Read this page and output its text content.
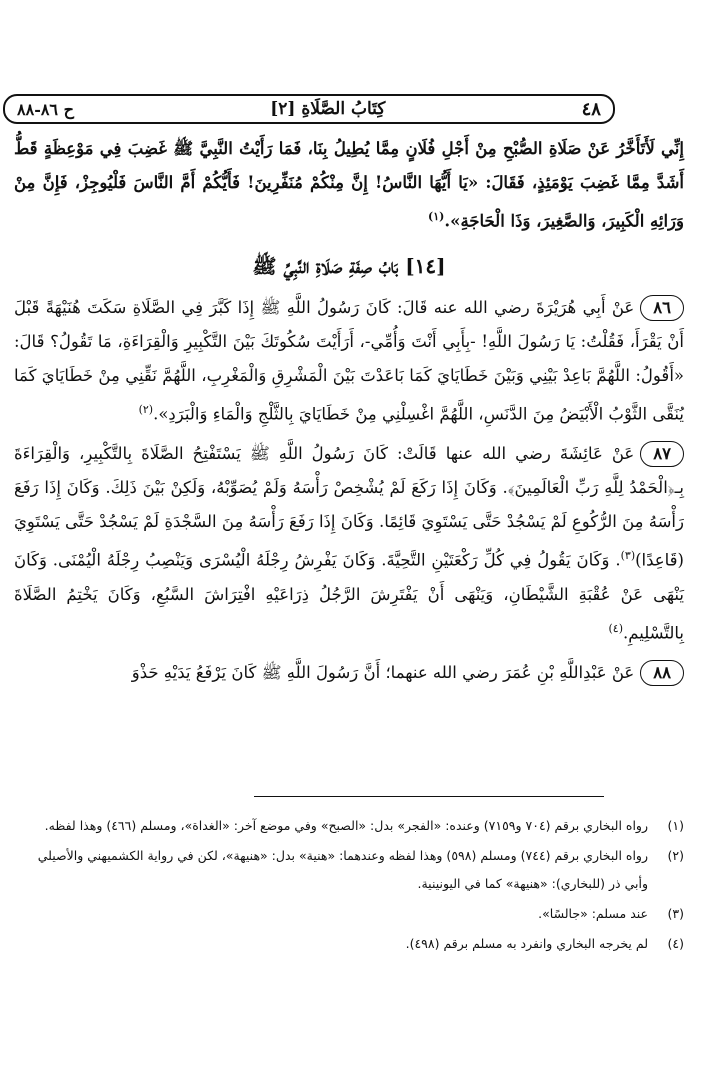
ح ٨٦-٨٨	[٢] كِتَابُ الصَّلَاةِ	٤٨

إِنِّي لَأَتَأَخَّرُ عَنْ صَلَاةِ الصُّبْحِ مِنْ أَجْلِ فُلَانٍ مِمَّا يُطِيلُ بِنَا، فَمَا رَأَيْتُ النَّبِيَّ ﷺ غَضِبَ فِي مَوْعِظَةٍ قَطُّ أَشَدَّ مِمَّا غَضِبَ يَوْمَئِذٍ، فَقَالَ: «يَا أَيُّهَا النَّاسُ! إِنَّ مِنْكُمْ مُنَفِّرِينَ! فَأَيُّكُمْ أَمَّ النَّاسَ فَلْيُوجِزْ، فَإِنَّ مِنْ وَرَائِهِ الْكَبِيرَ، وَالصَّغِيرَ، وَذَا الْحَاجَةِ».$^{(١)}$

[١٤] بَابُ صِفَةِ صَلَاةِ النَّبِيِّ ﷺ

٨٦عَنْ أَبِي هُرَيْرَةَ رضي الله عنه قَالَ: كَانَ رَسُولُ اللَّهِ ﷺ إِذَا كَبَّرَ فِي الصَّلَاةِ سَكَتَ هُنَيْهَةً قَبْلَ أَنْ يَقْرَأَ، فَقُلْتُ: يَا رَسُولَ اللَّهِ! -بِأَبِي أَنْتَ وَأُمِّي-، أَرَأَيْتَ سُكُوتَكَ بَيْنَ التَّكْبِيرِ وَالْقِرَاءَةِ، مَا تَقُولُ؟ قَالَ: «أَقُولُ: اللَّهُمَّ بَاعِدْ بَيْنِي وَبَيْنَ خَطَايَايَ كَمَا بَاعَدْتَ بَيْنَ الْمَشْرِقِ وَالْمَغْرِبِ، اللَّهُمَّ نَقِّنِي مِنْ خَطَايَايَ كَمَا يُنَقَّى الثَّوْبُ الْأَبْيَضُ مِنَ الدَّنَسِ، اللَّهُمَّ اغْسِلْنِي مِنْ خَطَايَايَ بِالثَّلْجِ وَالْمَاءِ وَالْبَرَدِ».$^{(٢)}$

٨٧عَنْ عَائِشَةَ رضي الله عنها قَالَتْ: كَانَ رَسُولُ اللَّهِ ﷺ يَسْتَفْتِحُ الصَّلَاةَ بِالتَّكْبِيرِ، وَالْقِرَاءَةَ بِـ﴿الْحَمْدُ لِلَّهِ رَبِّ الْعَالَمِينَ﴾. وَكَانَ إِذَا رَكَعَ لَمْ يُشْخِصْ رَأْسَهُ وَلَمْ يُصَوِّبْهُ، وَلَكِنْ بَيْنَ ذَلِكَ. وَكَانَ إِذَا رَفَعَ رَأْسَهُ مِنَ الرُّكُوعِ لَمْ يَسْجُدْ حَتَّى يَسْتَوِيَ قَائِمًا. وَكَانَ إِذَا رَفَعَ رَأْسَهُ مِنَ السَّجْدَةِ لَمْ يَسْجُدْ حَتَّى يَسْتَوِيَ (قَاعِدًا)$^{(٣)}$. وَكَانَ يَقُولُ فِي كُلِّ رَكْعَتَيْنِ التَّحِيَّةَ. وَكَانَ يَفْرِشُ رِجْلَهُ الْيُسْرَى وَيَنْصِبُ رِجْلَهُ الْيُمْنَى. وَكَانَ يَنْهَى عَنْ عُقْبَةِ الشَّيْطَانِ، وَيَنْهَى أَنْ يَفْتَرِشَ الرَّجُلُ ذِرَاعَيْهِ افْتِرَاشَ السَّبُعِ، وَكَانَ يَخْتِمُ الصَّلَاةَ بِالتَّسْلِيمِ.$^{(٤)}$

٨٨عَنْ عَبْدِاللَّهِ بْنِ عُمَرَ رضي الله عنهما؛ أَنَّ رَسُولَ اللَّهِ ﷺ كَانَ يَرْفَعُ يَدَيْهِ حَذْوَ

(١)
رواه البخاري برقم (٧٠٤ و٧١٥٩) وعنده: «الفجر» بدل: «الصبح» وفي موضع آخر: «الغداة»، ومسلم (٤٦٦) وهذا لفظه.
(٢)
رواه البخاري برقم (٧٤٤) ومسلم (٥٩٨) وهذا لفظه وعندهما: «هنية» بدل: «هنيهة»، لكن في رواية الكشميهني والأصيلي وأبي ذر (للبخاري): «هنيهة» كما في اليونينية.
(٣)
عند مسلم: «جالسًا».
(٤)
لم يخرجه البخاري وانفرد به مسلم برقم (٤٩٨).
